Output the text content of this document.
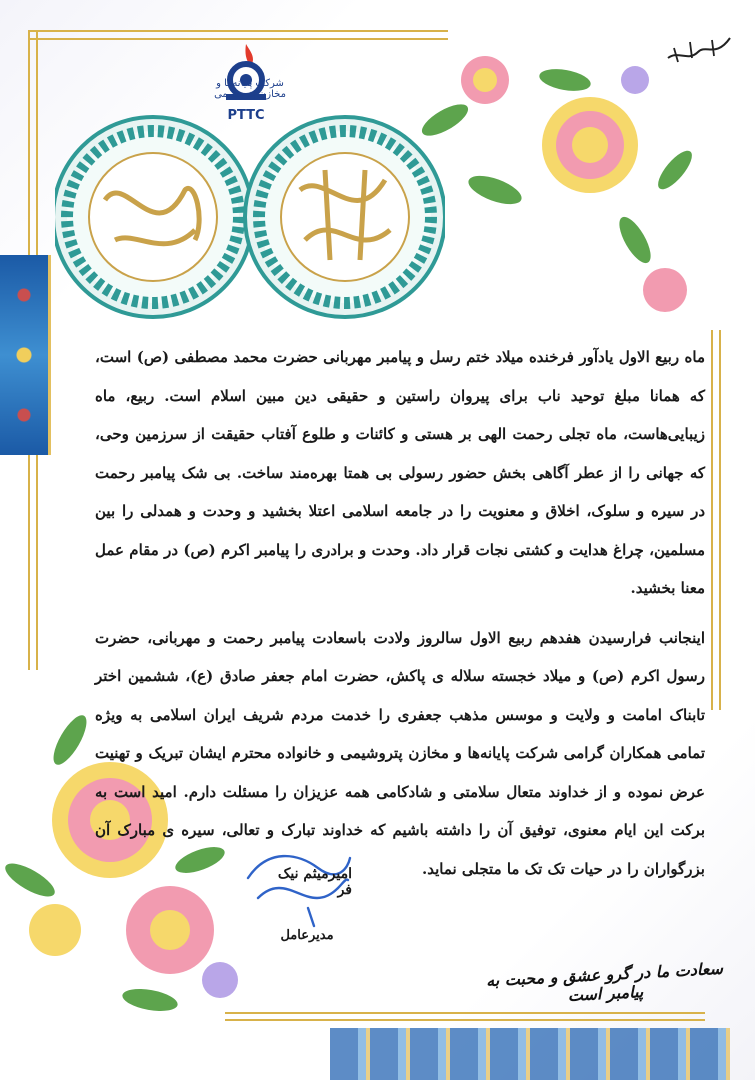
PTTC
شرکت پایانه‌ها و مخازن پتروشیمی

ماه ربیع الاول یادآور فرخنده میلاد ختم رسل و پیامبر مهربانی حضرت محمد مصطفی (ص) است، که همانا مبلغ توحید ناب برای پیروان راستین و حقیقی دین مبین اسلام است. ربیع، ماه زیبایی‌هاست، ماه تجلی رحمت الهی بر هستی و کائنات و طلوع آفتاب حقیقت از سرزمین وحی، که جهانی را از عطر آگاهی بخش حضور رسولی بی همتا بهره‌مند ساخت. بی شک پیامبر رحمت در سیره و سلوک، اخلاق و معنویت را در جامعه اسلامی اعتلا بخشید و وحدت و همدلی را بین مسلمین، چراغ هدایت و کشتی نجات قرار داد. وحدت و برادری را پیامبر اکرم (ص) در مقام عمل معنا بخشید.

اینجانب فرارسیدن هفدهم ربیع الاول سالروز ولادت باسعادت پیامبر رحمت و مهربانی، حضرت رسول اکرم (ص) و میلاد خجسته سلاله ی پاکش، حضرت امام جعفر صادق (ع)، ششمین اختر تابناک امامت و ولایت و موسس مذهب جعفری را خدمت مردم شریف ایران اسلامی به ویژه تمامی همکاران گرامی شرکت پایانه‌ها و مخازن پتروشیمی و خانواده محترم ایشان تبریک و تهنیت عرض نموده و از خداوند متعال سلامتی و شادکامی همه عزیزان را مسئلت دارم. امید است به برکت این ایام معنوی، توفیق آن را داشته باشیم که خداوند تبارک و تعالی، سیره ی مبارک آن بزرگواران را در حیات تک تک ما متجلی نماید.

امیرمیثم نیک فر
مدیرعامل
سعادت ما در گرو عشق و محبت به پیامبر است
